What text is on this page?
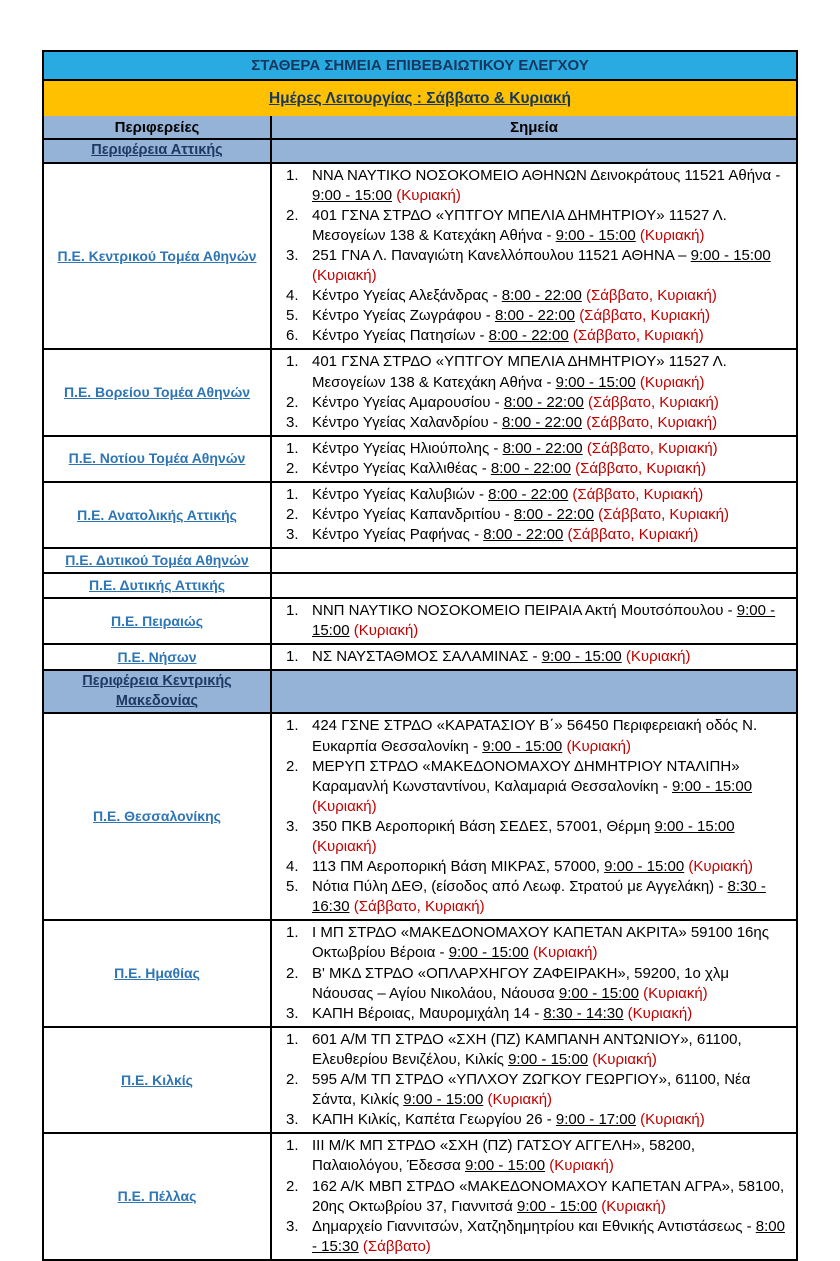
ΣΤΑΘΕΡΑ ΣΗΜΕΙΑ ΕΠΙΒΕΒΑΙΩΤΙΚΟΥ ΕΛΕΓΧΟΥ
Ημέρες Λειτουργίας : Σάββατο & Κυριακή
Περιφερείες	Σημεία
Περιφέρεια Αττικής
Π.Ε. Κεντρικού Τομέα Αθηνών
1. ΝΝΑ ΝΑΥΤΙΚΟ ΝΟΣΟΚΟΜΕΙΟ ΑΘΗΝΩΝ Δεινοκράτους 11521 Αθήνα - 9:00 - 15:00 (Κυριακή)
2. 401 ΓΣΝΑ ΣΤΡΔΟ «ΥΠΤΓΟΥ ΜΠΕΛΙΑ ΔΗΜΗΤΡΙΟΥ» 11527 Λ. Μεσογείων 138 & Κατεχάκη Αθήνα - 9:00 - 15:00 (Κυριακή)
3. 251 ΓΝΑ Λ. Παναγιώτη Κανελλόπουλου 11521 ΑΘΗΝΑ – 9:00 - 15:00 (Κυριακή)
4. Κέντρο Υγείας Αλεξάνδρας - 8:00 - 22:00 (Σάββατο, Κυριακή)
5. Κέντρο Υγείας Ζωγράφου - 8:00 - 22:00 (Σάββατο, Κυριακή)
6. Κέντρο Υγείας Πατησίων - 8:00 - 22:00 (Σάββατο, Κυριακή)
Π.Ε. Βορείου Τομέα Αθηνών
1. 401 ΓΣΝΑ ΣΤΡΔΟ «ΥΠΤΓΟΥ ΜΠΕΛΙΑ ΔΗΜΗΤΡΙΟΥ» 11527 Λ. Μεσογείων 138 & Κατεχάκη Αθήνα - 9:00 - 15:00 (Κυριακή)
2. Κέντρο Υγείας Αμαρουσίου - 8:00 - 22:00 (Σάββατο, Κυριακή)
3. Κέντρο Υγείας Χαλανδρίου - 8:00 - 22:00 (Σάββατο, Κυριακή)
Π.Ε. Νοτίου Τομέα Αθηνών
1. Κέντρο Υγείας Ηλιούπολης - 8:00 - 22:00 (Σάββατο, Κυριακή)
2. Κέντρο Υγείας Καλλιθέας - 8:00 - 22:00 (Σάββατο, Κυριακή)
Π.Ε. Ανατολικής Αττικής
1. Κέντρο Υγείας Καλυβιών - 8:00 - 22:00 (Σάββατο, Κυριακή)
2. Κέντρο Υγείας Καπανδριτίου - 8:00 - 22:00 (Σάββατο, Κυριακή)
3. Κέντρο Υγείας Ραφήνας - 8:00 - 22:00 (Σάββατο, Κυριακή)
Π.Ε. Δυτικού Τομέα Αθηνών
Π.Ε. Δυτικής Αττικής
Π.Ε. Πειραιώς
1. ΝΝΠ ΝΑΥΤΙΚΟ ΝΟΣΟΚΟΜΕΙΟ ΠΕΙΡΑΙΑ Ακτή Μουτσόπουλου - 9:00 - 15:00 (Κυριακή)
Π.Ε. Νήσων	1. ΝΣ ΝΑΥΣΤΑΘΜΟΣ ΣΑΛΑΜΙΝΑΣ - 9:00 - 15:00 (Κυριακή)
Περιφέρεια Κεντρικής Μακεδονίας
Π.Ε. Θεσσαλονίκης
1. 424 ΓΣΝΕ ΣΤΡΔΟ «ΚΑΡΑΤΑΣΙΟΥ Β΄» 56450 Περιφερειακή οδός Ν. Ευκαρπία Θεσσαλονίκη - 9:00 - 15:00 (Κυριακή)
2. ΜΕΡΥΠ ΣΤΡΔΟ «ΜΑΚΕΔΟΝΟΜΑΧΟΥ ΔΗΜΗΤΡΙΟΥ ΝΤΑΛΙΠΗ» Καραμανλή Κωνσταντίνου, Καλαμαριά Θεσσαλονίκη - 9:00 - 15:00 (Κυριακή)
3. 350 ΠΚΒ Αεροπορική Βάση ΣΕΔΕΣ, 57001, Θέρμη 9:00 - 15:00 (Κυριακή)
4. 113 ΠΜ Αεροπορική Βάση ΜΙΚΡΑΣ, 57000, 9:00 - 15:00 (Κυριακή)
5. Νότια Πύλη ΔΕΘ, (είσοδος από Λεωφ. Στρατού με Αγγελάκη) - 8:30 - 16:30 (Σάββατο, Κυριακή)
Π.Ε. Ημαθίας
1. Ι ΜΠ ΣΤΡΔΟ «ΜΑΚΕΔΟΝΟΜΑΧΟΥ ΚΑΠΕΤΑΝ ΑΚΡΙΤΑ» 59100 16ης Οκτωβρίου Βέροια - 9:00 - 15:00 (Κυριακή)
2. Β' ΜΚΔ ΣΤΡΔΟ «ΟΠΛΑΡΧΗΓΟΥ ΖΑΦΕΙΡΑΚΗ», 59200, 1ο χλμ Νάουσας – Αγίου Νικολάου, Νάουσα 9:00 - 15:00 (Κυριακή)
3. ΚΑΠΗ Βέροιας, Μαυρομιχάλη 14 - 8:30 - 14:30 (Κυριακή)
Π.Ε. Κιλκίς
1. 601 Α/Μ ΤΠ ΣΤΡΔΟ «ΣΧΗ (ΠΖ) ΚΑΜΠΑΝΗ ΑΝΤΩΝΙΟΥ», 61100, Ελευθερίου Βενιζέλου, Κιλκίς 9:00 - 15:00 (Κυριακή)
2. 595 Α/Μ ΤΠ ΣΤΡΔΟ «ΥΠΛΧΟΥ ΖΩΓΚΟΥ ΓΕΩΡΓΙΟΥ», 61100, Νέα Σάντα, Κιλκίς 9:00 - 15:00 (Κυριακή)
3. ΚΑΠΗ Κιλκίς, Καπέτα Γεωργίου 26 - 9:00 - 17:00 (Κυριακή)
Π.Ε. Πέλλας
1. ΙΙΙ Μ/Κ ΜΠ ΣΤΡΔΟ «ΣΧΗ (ΠΖ) ΓΑΤΣΟΥ ΑΓΓΕΛΗ», 58200, Παλαιολόγου, Έδεσσα 9:00 - 15:00 (Κυριακή)
2. 162 Α/Κ ΜΒΠ ΣΤΡΔΟ «ΜΑΚΕΔΟΝΟΜΑΧΟΥ ΚΑΠΕΤΑΝ ΑΓΡΑ», 58100, 20ης Οκτωβρίου 37, Γιαννιτσά 9:00 - 15:00 (Κυριακή)
3. Δημαρχείο Γιαννιτσών, Χατζηδημητρίου και Εθνικής Αντιστάσεως - 8:00 - 15:30 (Σάββατο)
